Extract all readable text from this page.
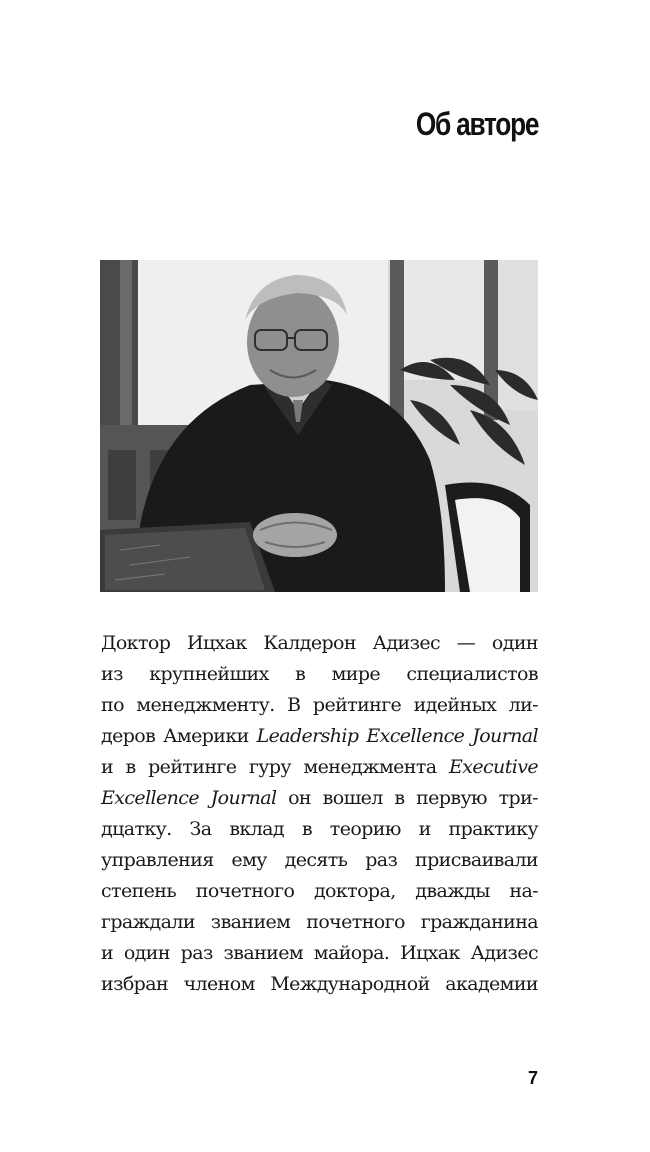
Об авторе
Доктор Ицхак Калдерон Адизес — один
из крупнейших в мире специалистов
по менеджменту. В рейтинге идейных ли-
деров Америки Leadership Excellence Journal
и в рейтинге гуру менеджмента Executive
Excellence Journal он вошел в первую три-
дцатку. За вклад в теорию и практику
управления ему десять раз присваивали
степень почетного доктора, дважды на-
граждали званием почетного гражданина
и один раз званием майора. Ицхак Адизес
избран членом Международной академии
7
